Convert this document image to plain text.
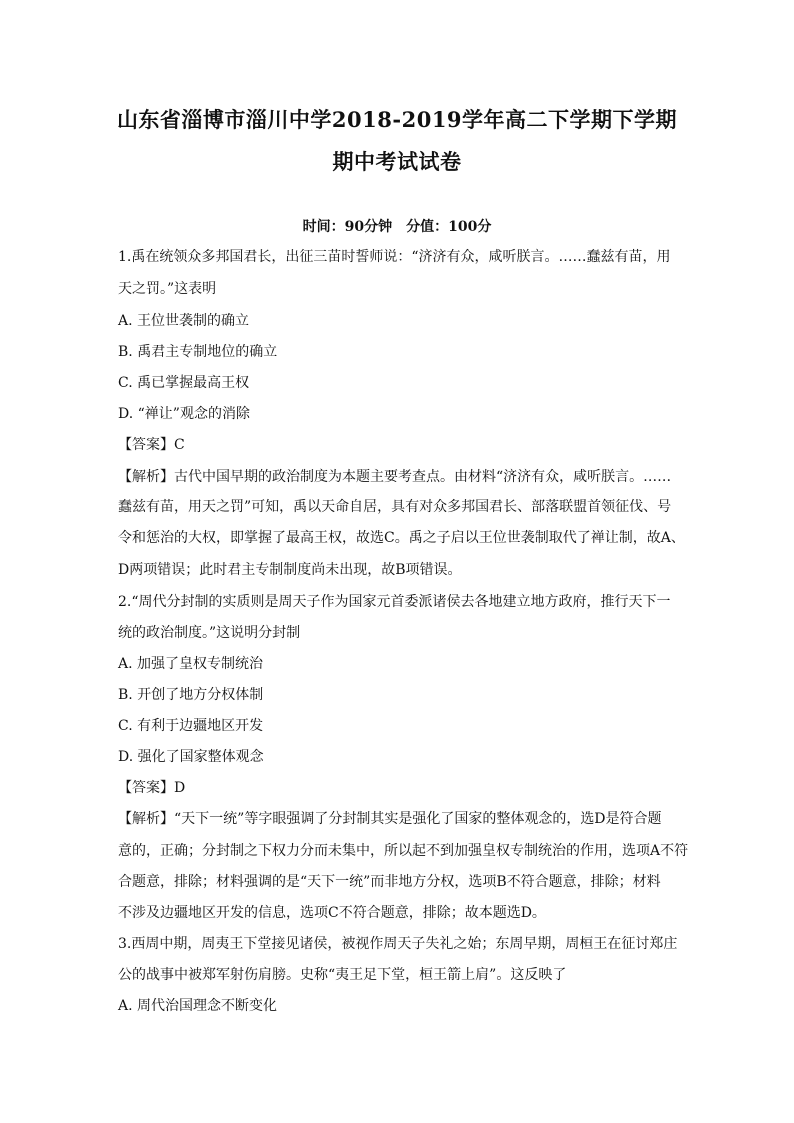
山东省淄博市淄川中学2018-2019学年高二下学期下学期
期中考试试卷

时间：90分钟　分值：100分

1.禹在统领众多邦国君长，出征三苗时誓师说：“济济有众，咸听朕言。……蠢兹有苗，用

天之罚。”这表明

A. 王位世袭制的确立

B. 禹君主专制地位的确立

C. 禹已掌握最高王权

D. “禅让”观念的消除

【答案】C

【解析】古代中国早期的政治制度为本题主要考查点。由材料“济济有众，咸听朕言。……

蠢兹有苗，用天之罚”可知，禹以天命自居，具有对众多邦国君长、部落联盟首领征伐、号

令和惩治的大权，即掌握了最高王权，故选C。禹之子启以王位世袭制取代了禅让制，故A、

D两项错误；此时君主专制制度尚未出现，故B项错误。

2.“周代分封制的实质则是周天子作为国家元首委派诸侯去各地建立地方政府，推行天下一

统的政治制度。”这说明分封制

A. 加强了皇权专制统治

B. 开创了地方分权体制

C. 有利于边疆地区开发

D. 强化了国家整体观念

【答案】D

【解析】“天下一统”等字眼强调了分封制其实是强化了国家的整体观念的，选D是符合题

意的，正确；分封制之下权力分而未集中，所以起不到加强皇权专制统治的作用，选项A不符

合题意，排除；材料强调的是“天下一统”而非地方分权，选项B不符合题意，排除；材料

不涉及边疆地区开发的信息，选项C不符合题意，排除；故本题选D。

3.西周中期，周夷王下堂接见诸侯，被视作周天子失礼之始；东周早期，周桓王在征讨郑庄

公的战事中被郑军射伤肩膀。史称“夷王足下堂，桓王箭上肩”。这反映了

A. 周代治国理念不断变化
